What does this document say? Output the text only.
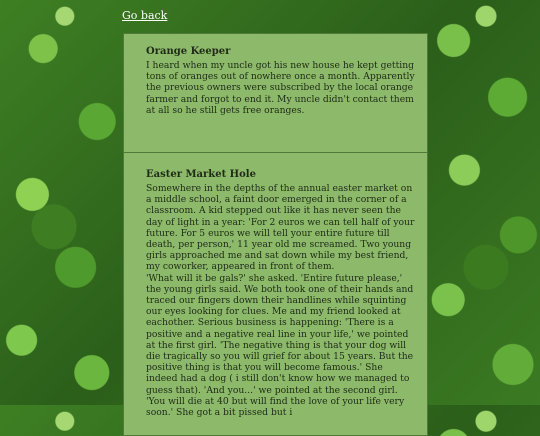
Go back
Orange Keeper

I heard when my uncle got his new house he kept getting tons of oranges out of nowhere once a month. Apparently the previous owners were subscribed by the local orange farmer and forgot to end it. My uncle didn't contact them at all so he still gets free oranges.

Easter Market Hole

Somewhere in the depths of the annual easter market on a middle school, a faint door emerged in the corner of a classroom. A kid stepped out like it has never seen the day of light in a year: 'For 2 euros we can tell half of your future. For 5 euros we will tell your entire future till death, per person,' 11 year old me screamed. Two young girls approached me and sat down while my best friend, my coworker, appeared in front of them.
'What will it be gals?' she asked. 'Entire future please,' the young girls said. We both took one of their hands and traced our fingers down their handlines while squinting our eyes looking for clues. Me and my friend looked at eachother. Serious business is happening: 'There is a positive and a negative real line in your life,' we pointed at the first girl. 'The negative thing is that your dog will die tragically so you will grief for about 15 years. But the positive thing is that you will become famous.' She indeed had a dog ( i still don't know how we managed to guess that). 'And you...' we pointed at the second girl. 'You will die at 40 but will find the love of your life very soon.' She got a bit pissed but i
